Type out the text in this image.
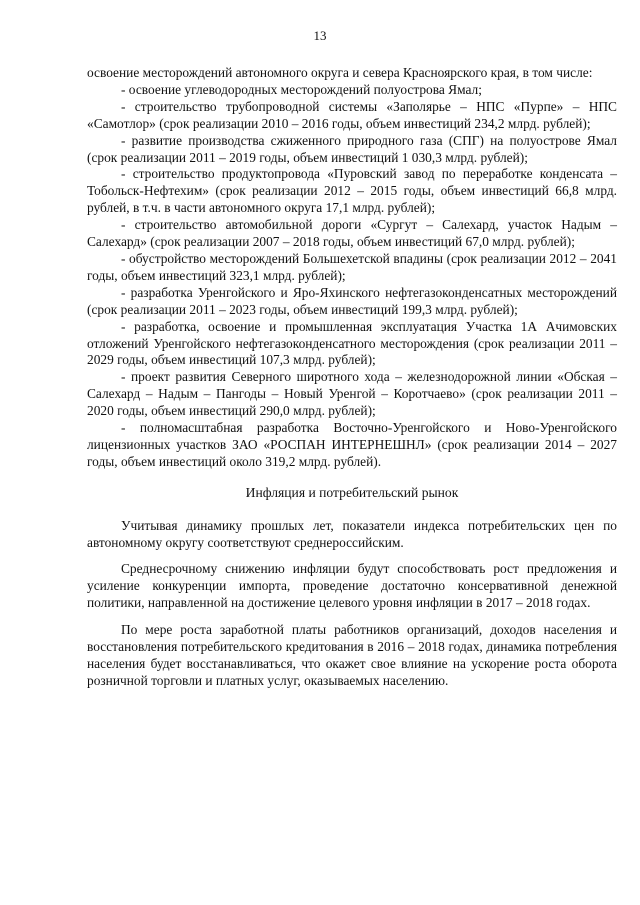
13

освоение месторождений автономного округа и севера Красноярского края, в том числе:

- освоение углеводородных месторождений полуострова Ямал;

- строительство трубопроводной системы «Заполярье – НПС «Пурпе» – НПС «Самотлор» (срок реализации 2010 – 2016 годы, объем инвестиций 234,2 млрд. рублей);

- развитие производства сжиженного природного газа (СПГ) на полуострове Ямал (срок реализации 2011 – 2019 годы, объем инвестиций 1 030,3 млрд. рублей);

- строительство продуктопровода «Пуровский завод по переработке конденсата – Тобольск-Нефтехим» (срок реализации 2012 – 2015 годы, объем инвестиций 66,8 млрд. рублей, в т.ч. в части автономного округа 17,1 млрд. рублей);

- строительство автомобильной дороги «Сургут – Салехард, участок Надым – Салехард» (срок реализации 2007 – 2018 годы, объем инвестиций 67,0 млрд. рублей);

- обустройство месторождений Большехетской впадины (срок реализации 2012 – 2041 годы, объем инвестиций 323,1 млрд. рублей);

- разработка Уренгойского и Яро-Яхинского нефтегазоконденсатных месторождений (срок реализации 2011 – 2023 годы, объем инвестиций 199,3 млрд. рублей);

- разработка, освоение и промышленная эксплуатация Участка 1А Ачимовских отложений Уренгойского нефтегазоконденсатного месторождения (срок реализации 2011 – 2029 годы, объем инвестиций 107,3 млрд. рублей);

- проект развития Северного широтного хода – железнодорожной линии «Обская – Салехард – Надым – Пангоды – Новый Уренгой – Коротчаево» (срок реализации 2011 – 2020 годы, объем инвестиций 290,0 млрд. рублей);

- полномасштабная разработка Восточно-Уренгойского и Ново-Уренгойского лицензионных участков ЗАО «РОСПАН ИНТЕРНЕШНЛ» (срок реализации 2014 – 2027 годы, объем инвестиций около 319,2 млрд. рублей).

Инфляция и потребительский рынок

Учитывая динамику прошлых лет, показатели индекса потребительских цен по автономному округу соответствуют среднероссийским.

Среднесрочному снижению инфляции будут способствовать рост предложения и усиление конкуренции импорта, проведение достаточно консервативной денежной политики, направленной на достижение целевого уровня инфляции в 2017 – 2018 годах.

По мере роста заработной платы работников организаций, доходов населения и восстановления потребительского кредитования в 2016 – 2018 годах, динамика потребления населения будет восстанавливаться, что окажет свое влияние на ускорение роста оборота розничной торговли и платных услуг, оказываемых населению.
